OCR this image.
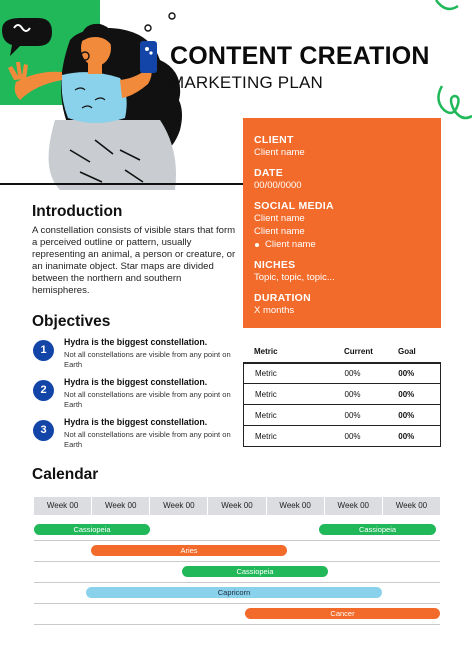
CONTENT CREATION
MARKETING PLAN
CLIENT
Client name
DATE
00/00/0000
SOCIAL MEDIA
Client name
Client name
Client name
NICHES
Topic, topic, topic...
DURATION
X months
Introduction
A constellation consists of visible stars that form a perceived outline or pattern, usually representing an animal, a person or creature, or an inanimate object. Star maps are divided between the northern and southern hemispheres.
Objectives
1
Hydra is the biggest constellation.
Not all constellations are visible from any point on Earth
2
Hydra is the biggest constellation.
Not all constellations are visible from any point on Earth
3
Hydra is the biggest constellation.
Not all constellations are visible from any point on Earth
Metric	Current	Goal
Metric	00%	00%
Metric	00%	00%
Metric	00%	00%
Metric	00%	00%
Calendar
Week 00	Week 00	Week 00	Week 00	Week 00	Week 00	Week 00
Cassiopeia	Cassiopeia
Aries
Cassiopeia
Capricorn
Cancer
